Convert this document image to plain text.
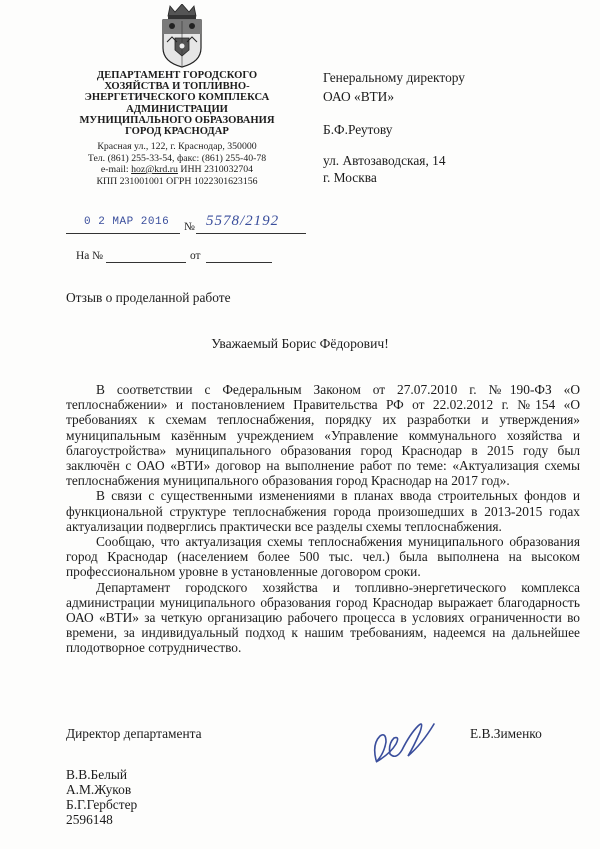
ДЕПАРТАМЕНТ ГОРОДСКОГО
ХОЗЯЙСТВА И ТОПЛИВНО-
ЭНЕРГЕТИЧЕСКОГО КОМПЛЕКСА
АДМИНИСТРАЦИИ
МУНИЦИПАЛЬНОГО ОБРАЗОВАНИЯ
ГОРОД КРАСНОДАР
Красная ул., 122, г. Краснодар, 350000
Тел. (861) 255-33-54, факс: (861) 255-40-78
e-mail: hoz@krd.ru ИНН 2310032704
КПП 231001001 ОГРН 1022301623156
Генеральному директору
ОАО «ВТИ»
Б.Ф.Реутову
ул. Автозаводская, 14
г. Москва
0 2 МАР 2016 № 5578/2192
На №	от
Отзыв о проделанной работе
Уважаемый Борис Фёдорович!

В соответствии с Федеральным Законом от 27.07.2010 г. №190-ФЗ «О теплоснабжении» и постановлением Правительства РФ от 22.02.2012 г. №154 «О требованиях к схемам теплоснабжения, порядку их разработки и утверждения» муниципальным казённым учреждением «Управление коммунального хозяйства и благоустройства» муниципального образования город Краснодар в 2015 году был заключён с ОАО «ВТИ» договор на выполнение работ по теме: «Актуализация схемы теплоснабжения муниципального образования город Краснодар на 2017 год».

В связи с существенными изменениями в планах ввода строительных фондов и функциональной структуре теплоснабжения города произошедших в 2013-2015 годах актуализации подверглись практически все разделы схемы теплоснабжения.

Сообщаю, что актуализация схемы теплоснабжения муниципального образования город Краснодар (населением более 500 тыс. чел.) была выполнена на высоком профессиональном уровне в установленные договором сроки.

Департамент городского хозяйства и топливно-энергетического комплекса администрации муниципального образования город Краснодар выражает благодарность ОАО «ВТИ» за четкую организацию рабочего процесса в условиях ограниченности во времени, за индивидуальный подход к нашим требованиям, надеемся на дальнейшее плодотворное сотрудничество.

Директор департамента	Е.В.Зименко
В.В.Белый
А.М.Жуков
Б.Г.Гербстер
2596148
